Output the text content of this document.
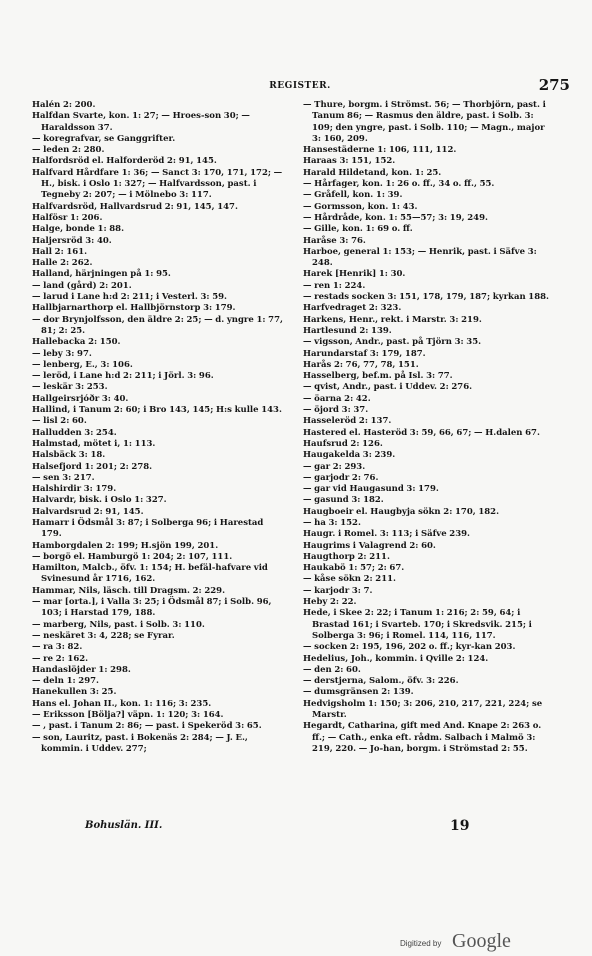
REGISTER.	275

Halén 2: 200.

Halfdan Svarte, kon. 1: 27; — Hroes-son 30; — Haraldsson 37.

— koregrafvar, se Ganggrifter.

— leden 2: 280.

Halfordsröd el. Halforderöd 2: 91, 145.

Halfvard Hårdfare 1: 36; — Sanct 3: 170, 171, 172; — H., bisk. i Oslo 1: 327; — Halfvardsson, past. i Tegneby 2: 207; — i Mölnebo 3: 117.

Halfvardsröd, Hallvardsrud 2: 91, 145, 147.

Halfösr 1: 206.

Halge, bonde 1: 88.

Haljersröd 3: 40.

Hall 2: 161.

Halle 2: 262.

Halland, härjningen på 1: 95.

— land (gård) 2: 201.

— larud i Lane h:d 2: 211; i Vesterl. 3: 59.

Hallbjarnarthorp el. Hallbjörnstorp 3: 179.

— dor Brynjolfsson, den äldre 2: 25; — d. yngre 1: 77, 81; 2: 25.

Hallebacka 2: 150.

— leby 3: 97.

— lenberg, E., 3: 106.

— leröd, i Lane h:d 2: 211; i Jörl. 3: 96.

— leskär 3: 253.

Hallgeirsrjóðr 3: 40.

Hallind, i Tanum 2: 60; i Bro 143, 145; H:s kulle 143.

— lisl 2: 60.

Halludden 3: 254.

Halmstad, mötet i, 1: 113.

Halsbäck 3: 18.

Halsefjord 1: 201; 2: 278.

— sen 3: 217.

Halshirdir 3: 179.

Halvardr, bisk. i Oslo 1: 327.

Halvardsrud 2: 91, 145.

Hamarr i Ödsmål 3: 87; i Solberga 96; i Harestad 179.

Hamborgdalen 2: 199; H.sjön 199, 201.

— borgö el. Hamburgö 1: 204; 2: 107, 111.

Hamilton, Malcb., öfv. 1: 154; H. befäl-hafvare vid Svinesund år 1716, 162.

Hammar, Nils, läsch. till Dragsm. 2: 229.

— mar [orta.], i Valla 3: 25; i Ödsmål 87; i Solb. 96, 103; i Harstad 179, 188.

— marberg, Nils, past. i Solb. 3: 110.

— neskäret 3: 4, 228; se Fyrar.

— ra 3: 82.

— re 2: 162.

Handaslöjder 1: 298.

— deln 1: 297.

Hanekullen 3: 25.

Hans el. Johan II., kon. 1: 116; 3: 235.

— Eriksson [Bölja?] väpn. 1: 120; 3: 164.

— , past. i Tanum 2: 86; — past. i Spekeröd 3: 65.

— son, Lauritz, past. i Bokenäs 2: 284; — J. E., kommin. i Uddev. 277;

— Thure, borgm. i Strömst. 56; — Thorbjörn, past. i Tanum 86; — Rasmus den äldre, past. i Solb. 3: 109; den yngre, past. i Solb. 110; — Magn., major 3: 160, 209.

Hansestäderne 1: 106, 111, 112.

Haraas 3: 151, 152.

Harald Hildetand, kon. 1: 25.

— Hårfager, kon. 1: 26 o. ff., 34 o. ff., 55.

— Gråfell, kon. 1: 39.

— Gormsson, kon. 1: 43.

— Hårdråde, kon. 1: 55—57; 3: 19, 249.

— Gille, kon. 1: 69 o. ff.

Haråse 3: 76.

Harboe, general 1: 153; — Henrik, past. i Säfve 3: 248.

Harek [Henrik] 1: 30.

— ren 1: 224.

— restads socken 3: 151, 178, 179, 187; kyrkan 188.

Harfvedraget 2: 323.

Harkens, Henr., rekt. i Marstr. 3: 219.

Hartlesund 2: 139.

— vigsson, Andr., past. på Tjörn 3: 35.

Harundarstaf 3: 179, 187.

Harås 2: 76, 77, 78, 151.

Hasselberg, bef.m. på Isl. 3: 77.

— qvist, Andr., past. i Uddev. 2: 276.

— öarna 2: 42.

— öjord 3: 37.

Hasseleröd 2: 137.

Hastered el. Hasteröd 3: 59, 66, 67; — H.dalen 67.

Haufsrud 2: 126.

Haugakelda 3: 239.

— gar 2: 293.

— garjodr 2: 76.

— gar vid Haugasund 3: 179.

— gasund 3: 182.

Haugboeir el. Haugbyja sökn 2: 170, 182.

— ha 3: 152.

Haugr. i Romel. 3: 113; i Säfve 239.

Haugrims i Valagrend 2: 60.

Haugthorp 2: 211.

Haukabö 1: 57; 2: 67.

— kåse sökn 2: 211.

— karjodr 3: 7.

Heby 2: 22.

Hede, i Skee 2: 22; i Tanum 1: 216; 2: 59, 64; i Brastad 161; i Svarteb. 170; i Skredsvik. 215; i Solberga 3: 96; i Romel. 114, 116, 117.

— socken 2: 195, 196, 202 o. ff.; kyr-kan 203.

Hedelius, Joh., kommin. i Qville 2: 124.

— den 2: 60.

— derstjerna, Salom., öfv. 3: 226.

— dumsgränsen 2: 139.

Hedvigsholm 1: 150; 3: 206, 210, 217, 221, 224; se Marstr.

Hegardt, Catharina, gift med And. Knape 2: 263 o. ff.; — Cath., enka eft. rådm. Salbach i Malmö 3: 219, 220. — Jo-han, borgm. i Strömstad 2: 55.

Bohuslän. III.	19
Digitized by Google
